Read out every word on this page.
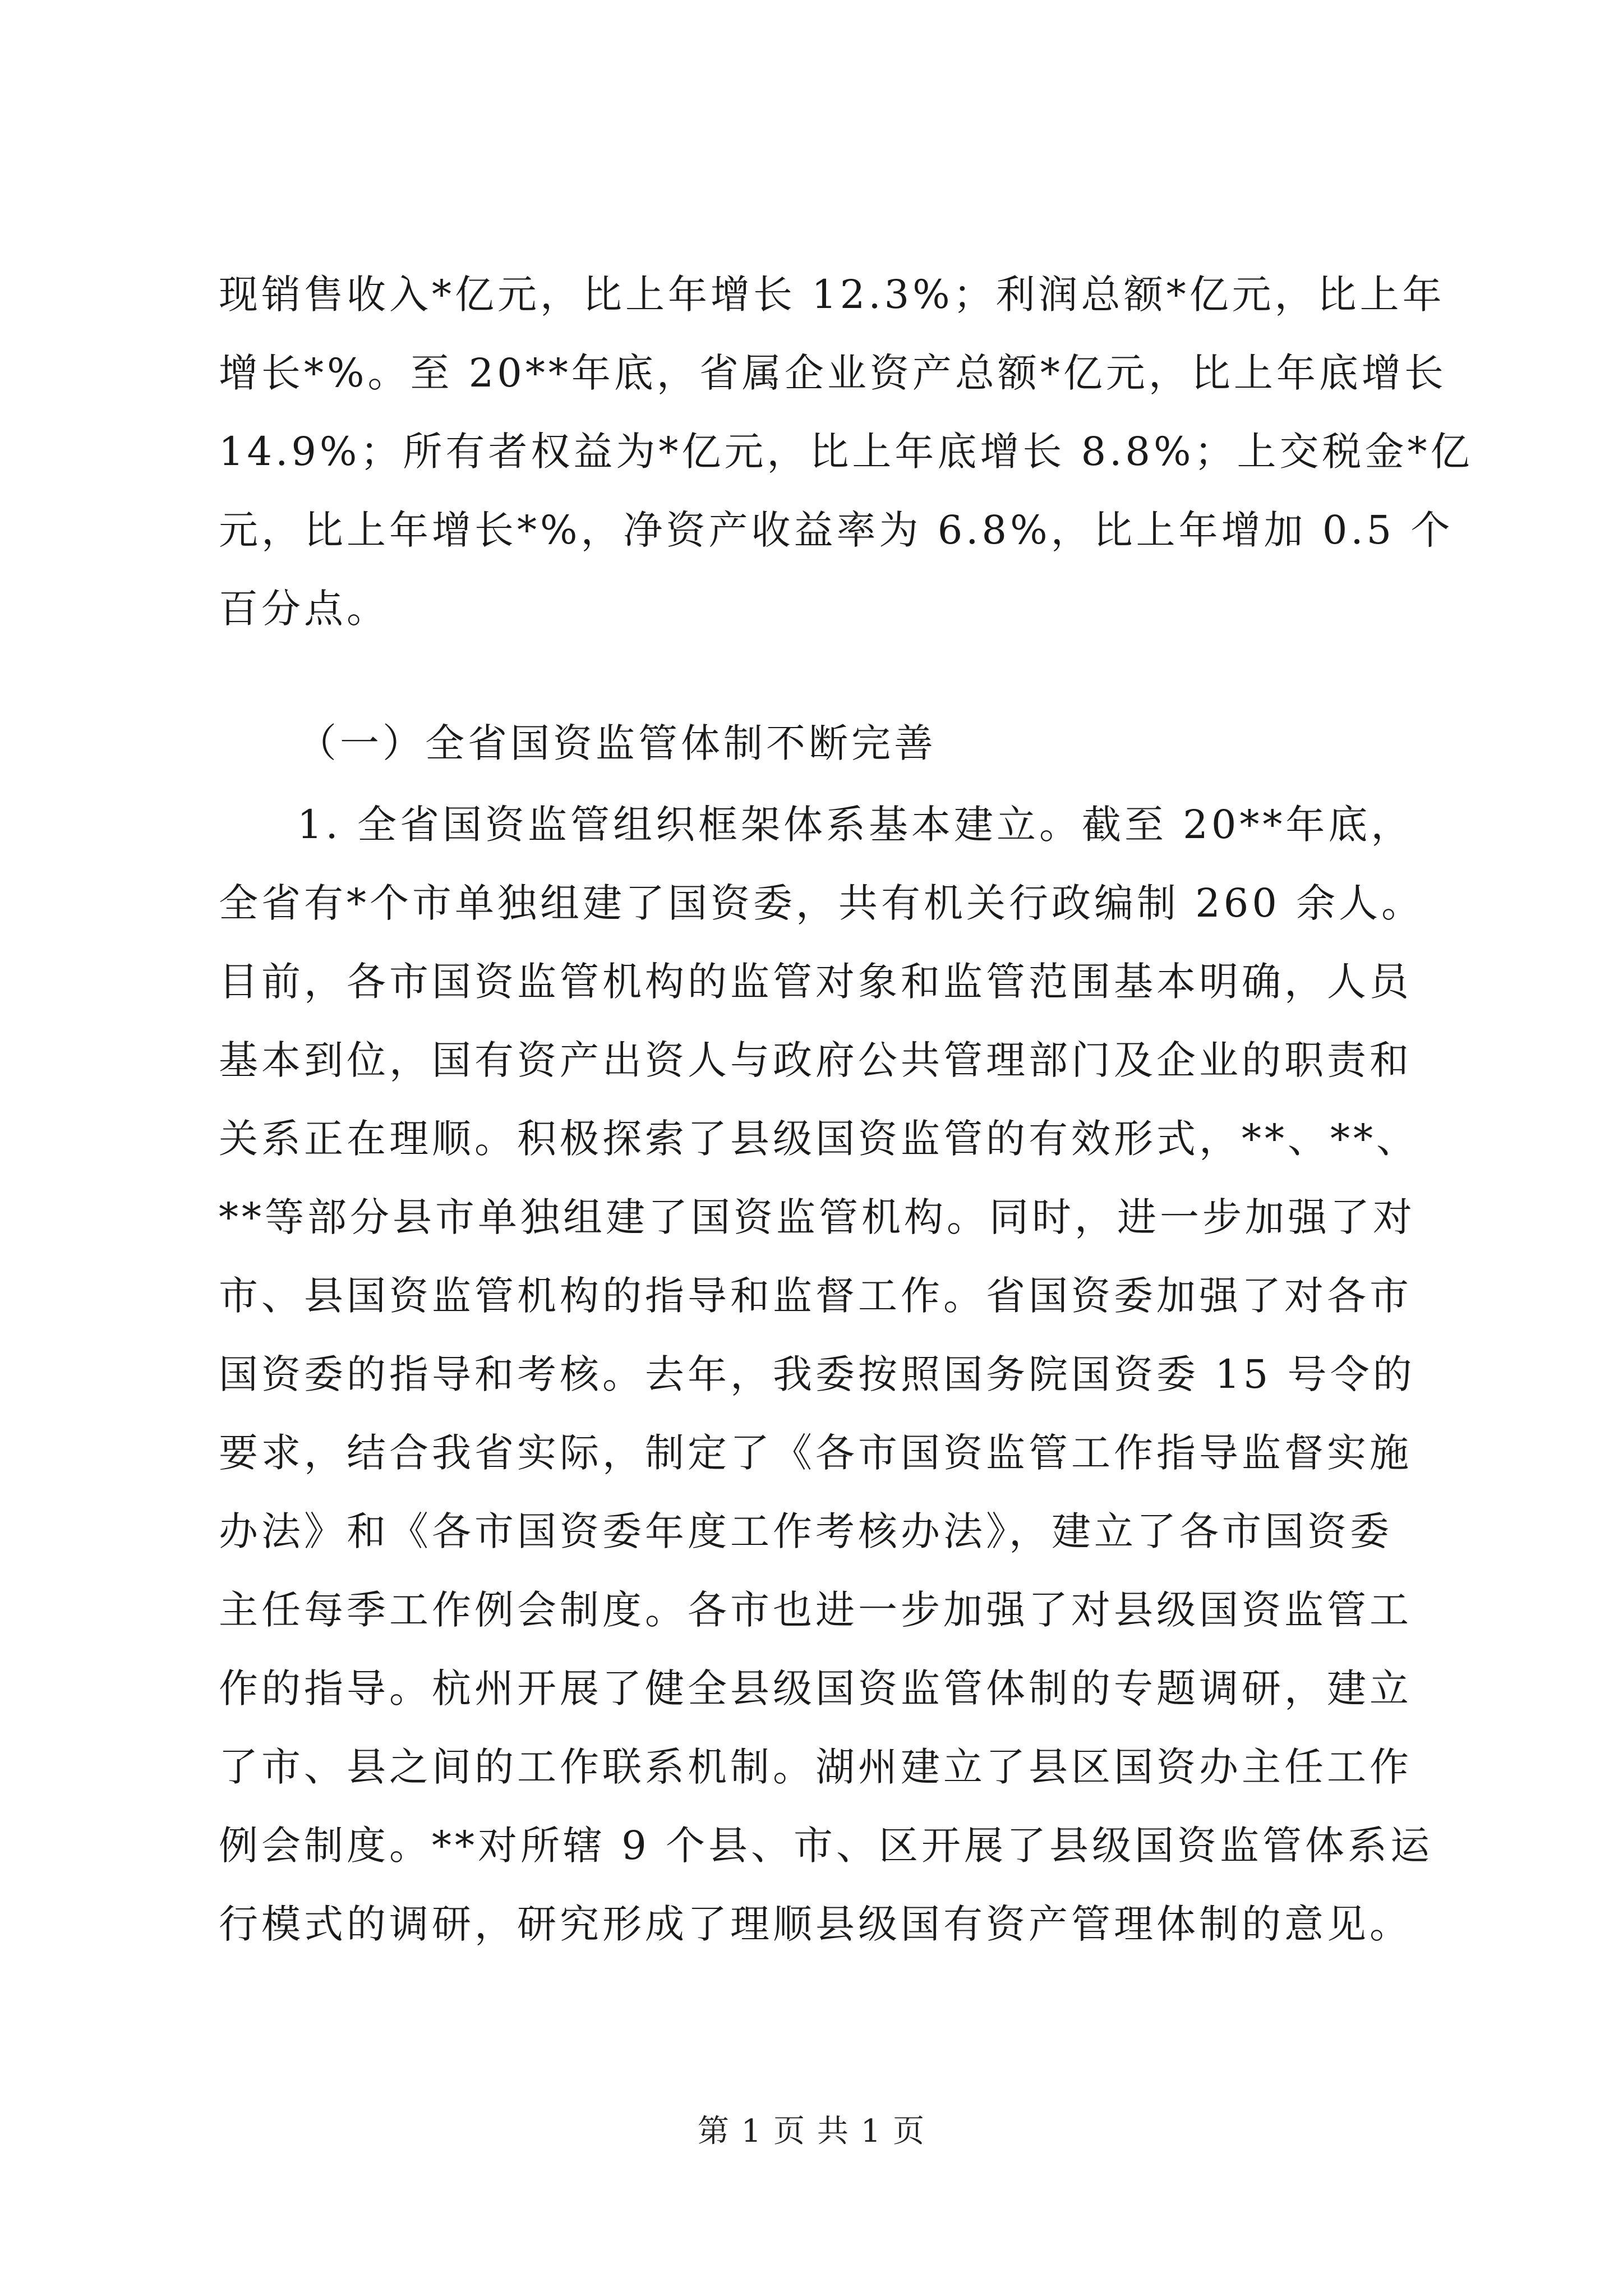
现销售收入*亿元，比上年增长 12.3%；利润总额*亿元，比上年
增长*%。至 20**年底，省属企业资产总额*亿元，比上年底增长
14.9%；所有者权益为*亿元，比上年底增长 8.8%；上交税金*亿
元，比上年增长*%，净资产收益率为 6.8%，比上年增加 0.5 个
百分点。
（一）全省国资监管体制不断完善
1. 全省国资监管组织框架体系基本建立。截至 20**年底，
全省有*个市单独组建了国资委，共有机关行政编制 260 余人。
目前，各市国资监管机构的监管对象和监管范围基本明确，人员
基本到位，国有资产出资人与政府公共管理部门及企业的职责和
关系正在理顺。积极探索了县级国资监管的有效形式，**、**、
**等部分县市单独组建了国资监管机构。同时，进一步加强了对
市、县国资监管机构的指导和监督工作。省国资委加强了对各市
国资委的指导和考核。去年，我委按照国务院国资委 15 号令的
要求，结合我省实际，制定了《各市国资监管工作指导监督实施
办法》和《各市国资委年度工作考核办法》，建立了各市国资委
主任每季工作例会制度。各市也进一步加强了对县级国资监管工
作的指导。杭州开展了健全县级国资监管体制的专题调研，建立
了市、县之间的工作联系机制。湖州建立了县区国资办主任工作
例会制度。**对所辖 9 个县、市、区开展了县级国资监管体系运
行模式的调研，研究形成了理顺县级国有资产管理体制的意见。
第 1 页 共 1 页
